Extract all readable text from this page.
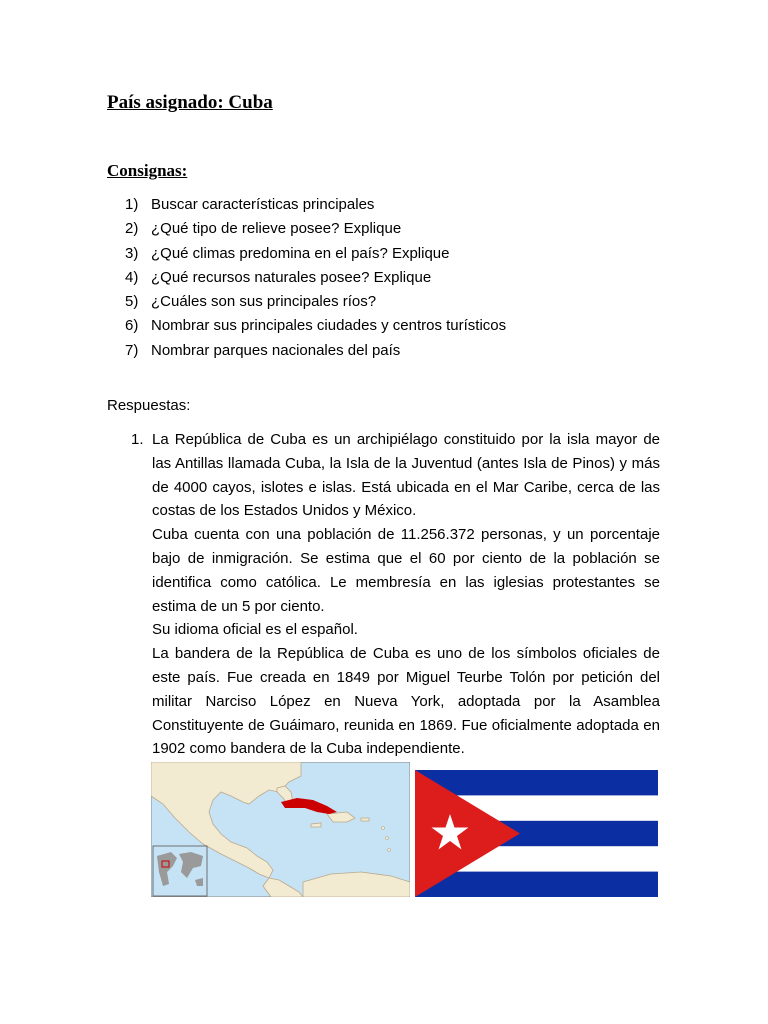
País asignado: Cuba
Consignas:
1) Buscar características principales
2) ¿Qué tipo de relieve posee? Explique
3) ¿Qué climas predomina en el país? Explique
4) ¿Qué recursos naturales posee? Explique
5) ¿Cuáles son sus principales ríos?
6) Nombrar sus principales ciudades y centros turísticos
7) Nombrar parques nacionales del país

Respuestas:

1. La República de Cuba es un archipiélago constituido por la isla mayor de las Antillas llamada Cuba, la Isla de la Juventud (antes Isla de Pinos) y más de 4000 cayos, islotes e islas. Está ubicada en el Mar Caribe, cerca de las costas de los Estados Unidos y México.

Cuba cuenta con una población de 11.256.372 personas, y un porcentaje bajo de inmigración. Se estima que el 60 por ciento de la población se identifica como católica. Le membresía en las iglesias protestantes se estima de un 5 por ciento.

Su idioma oficial es el español.

La bandera de la República de Cuba es uno de los símbolos oficiales de este país. Fue creada en 1849 por Miguel Teurbe Tolón por petición del militar Narciso López en Nueva York, adoptada por la Asamblea Constituyente de Guáimaro, reunida en 1869. Fue oficialmente adoptada en 1902 como bandera de la Cuba independiente.
